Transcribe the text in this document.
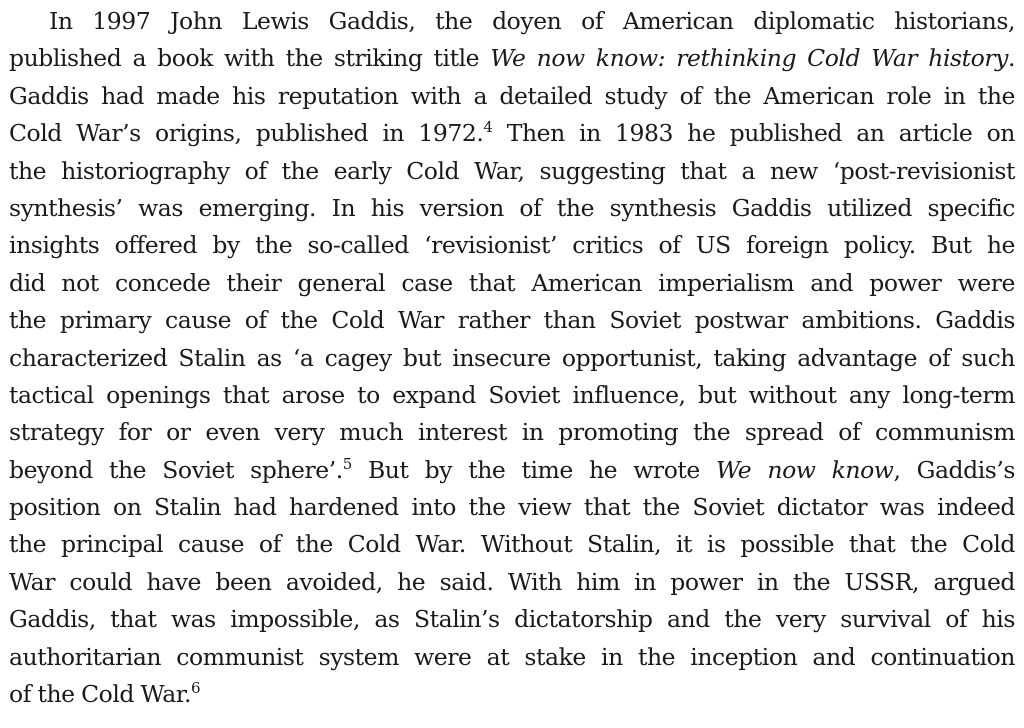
In 1997 John Lewis Gaddis, the doyen of American diplomatic historians,
published a book with the striking title We now know: rethinking Cold War history.
Gaddis had made his reputation with a detailed study of the American role in the
Cold War’s origins, published in 1972.$^4$ Then in 1983 he published an article on
the historiography of the early Cold War, suggesting that a new ‘post-revisionist
synthesis’ was emerging. In his version of the synthesis Gaddis utilized specific
insights offered by the so-called ‘revisionist’ critics of US foreign policy. But he
did not concede their general case that American imperialism and power were
the primary cause of the Cold War rather than Soviet postwar ambitions. Gaddis
characterized Stalin as ‘a cagey but insecure opportunist, taking advantage of such
tactical openings that arose to expand Soviet influence, but without any long-term
strategy for or even very much interest in promoting the spread of communism
beyond the Soviet sphere’.$^5$ But by the time he wrote We now know, Gaddis’s
position on Stalin had hardened into the view that the Soviet dictator was indeed
the principal cause of the Cold War. Without Stalin, it is possible that the Cold
War could have been avoided, he said. With him in power in the USSR, argued
Gaddis, that was impossible, as Stalin’s dictatorship and the very survival of his
authoritarian communist system were at stake in the inception and continuation
of the Cold War.$^6$
